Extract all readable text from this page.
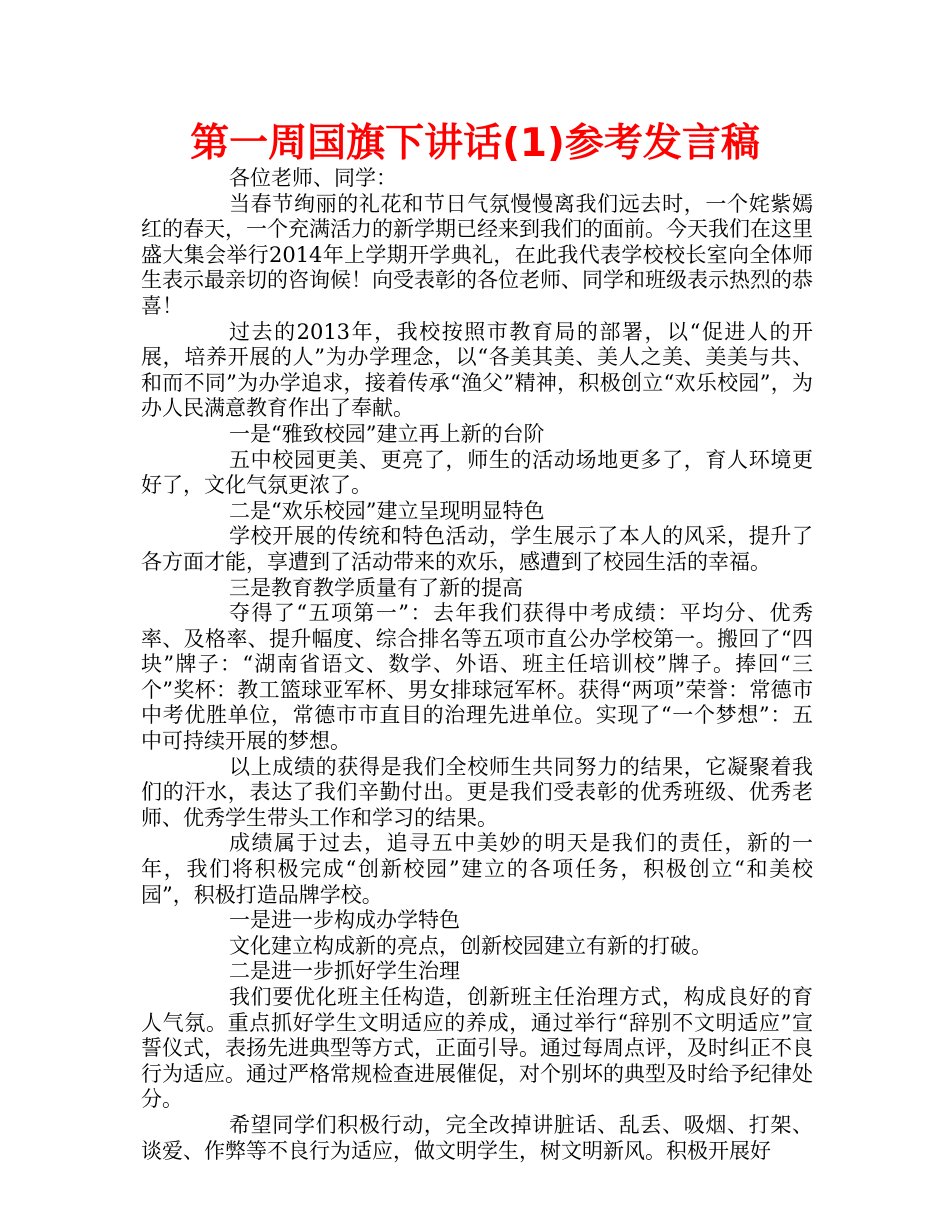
第一周国旗下讲话(1)参考发言稿

各位老师、同学：

当春节绚丽的礼花和节日气氛慢慢离我们远去时，一个姹紫嫣红的春天，一个充满活力的新学期已经来到我们的面前。今天我们在这里盛大集会举行2014年上学期开学典礼，在此我代表学校校长室向全体师生表示最亲切的咨询候！向受表彰的各位老师、同学和班级表示热烈的恭喜！

过去的2013年，我校按照市教育局的部署，以“促进人的开展，培养开展的人”为办学理念，以“各美其美、美人之美、美美与共、和而不同”为办学追求，接着传承“渔父”精神，积极创立“欢乐校园”，为办人民满意教育作出了奉献。

一是“雅致校园”建立再上新的台阶

五中校园更美、更亮了，师生的活动场地更多了，育人环境更好了，文化气氛更浓了。

二是“欢乐校园”建立呈现明显特色

学校开展的传统和特色活动，学生展示了本人的风采，提升了各方面才能，享遭到了活动带来的欢乐，感遭到了校园生活的幸福。

三是教育教学质量有了新的提高

夺得了“五项第一”：去年我们获得中考成绩：平均分、优秀率、及格率、提升幅度、综合排名等五项市直公办学校第一。搬回了“四块”牌子：“湖南省语文、数学、外语、班主任培训校”牌子。捧回“三个”奖杯：教工篮球亚军杯、男女排球冠军杯。获得“两项”荣誉：常德市中考优胜单位，常德市市直目的治理先进单位。实现了“一个梦想”：五中可持续开展的梦想。

以上成绩的获得是我们全校师生共同努力的结果，它凝聚着我们的汗水，表达了我们辛勤付出。更是我们受表彰的优秀班级、优秀老师、优秀学生带头工作和学习的结果。

成绩属于过去，追寻五中美妙的明天是我们的责任，新的一年，我们将积极完成“创新校园”建立的各项任务，积极创立“和美校园”，积极打造品牌学校。

一是进一步构成办学特色

文化建立构成新的亮点，创新校园建立有新的打破。

二是进一步抓好学生治理

我们要优化班主任构造，创新班主任治理方式，构成良好的育人气氛。重点抓好学生文明适应的养成，通过举行“辞别不文明适应”宣誓仪式，表扬先进典型等方式，正面引导。通过每周点评，及时纠正不良行为适应。通过严格常规检查进展催促，对个别坏的典型及时给予纪律处分。

希望同学们积极行动，完全改掉讲脏话、乱丢、吸烟、打架、谈爱、作弊等不良行为适应，做文明学生，树文明新风。积极开展好
